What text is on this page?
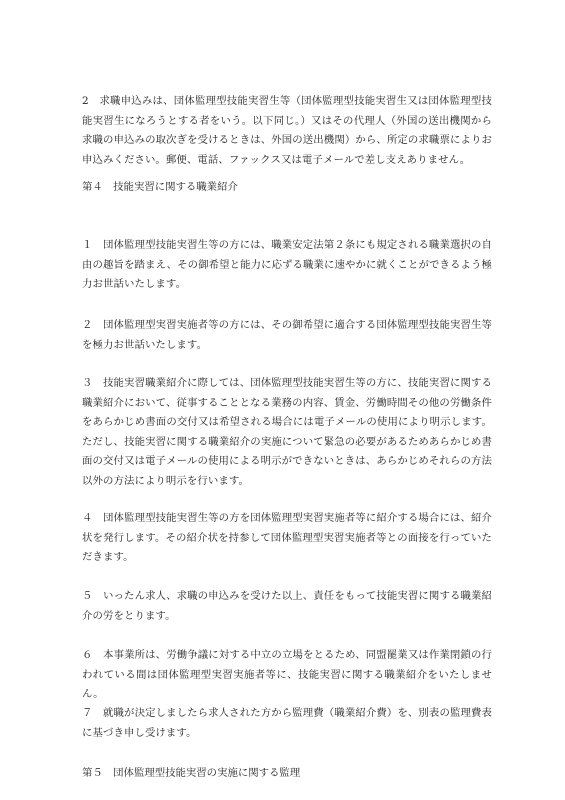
2　求職申込みは、団体監理型技能実習生等（団体監理型技能実習生又は団体監理型技能実習生になろうとする者をいう。以下同じ。）又はその代理人（外国の送出機関から求職の申込みの取次ぎを受けるときは、外国の送出機関）から、所定の求職票によりお申込みください。郵便、電話、ファックス又は電子メールで差し支えありません。

第４　技能実習に関する職業紹介

１　団体監理型技能実習生等の方には、職業安定法第２条にも規定される職業選択の自由の趣旨を踏まえ、その御希望と能力に応ずる職業に速やかに就くことができるよう極力お世話いたします。

２　団体監理型実習実施者等の方には、その御希望に適合する団体監理型技能実習生等を極力お世話いたします。

３　技能実習職業紹介に際しては、団体監理型技能実習生等の方に、技能実習に関する職業紹介において、従事することとなる業務の内容、賃金、労働時間その他の労働条件をあらかじめ書面の交付又は希望される場合には電子メールの使用により明示します。ただし、技能実習に関する職業紹介の実施について緊急の必要があるためあらかじめ書面の交付又は電子メールの使用による明示ができないときは、あらかじめそれらの方法以外の方法により明示を行います。

４　団体監理型技能実習生等の方を団体監理型実習実施者等に紹介する場合には、紹介状を発行します。その紹介状を持参して団体監理型実習実施者等との面接を行っていただきます。

５　いったん求人、求職の申込みを受けた以上、責任をもって技能実習に関する職業紹介の労をとります。

６　本事業所は、労働争議に対する中立の立場をとるため、同盟罷業又は作業閉鎖の行われている間は団体監理型実習実施者等に、技能実習に関する職業紹介をいたしません。

７　就職が決定しましたら求人された方から監理費（職業紹介費）を、別表の監理費表に基づき申し受けます。

第５　団体監理型技能実習の実施に関する監理
